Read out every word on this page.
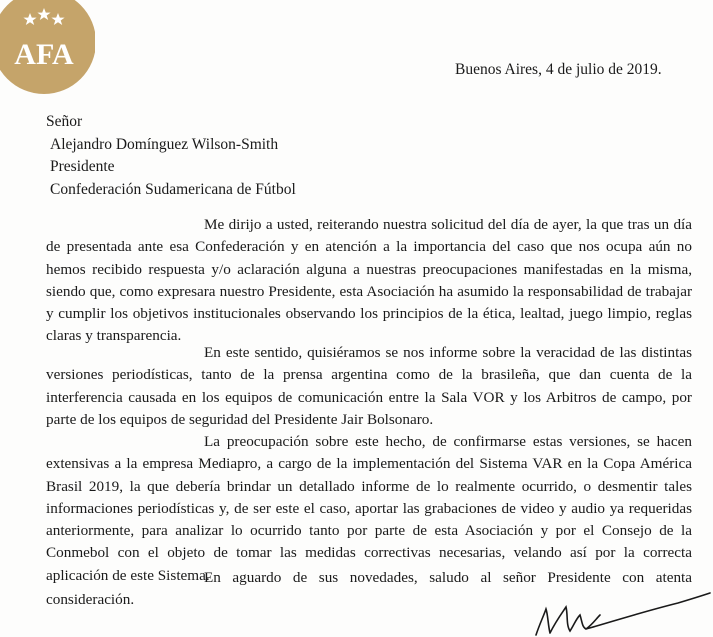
AFA	Buenos Aires, 4 de julio de 2019.
Señor
Alejandro Domínguez Wilson-Smith
Presidente
Confederación Sudamericana de Fútbol

Me dirijo a usted, reiterando nuestra solicitud del día de ayer, la que tras un día de presentada ante esa Confederación y en atención a la importancia del caso que nos ocupa aún no hemos recibido respuesta y/o aclaración alguna a nuestras preocupaciones manifestadas en la misma, siendo que, como expresara nuestro Presidente, esta Asociación ha asumido la responsabilidad de trabajar y cumplir los objetivos institucionales observando los principios de la ética, lealtad, juego limpio, reglas claras y transparencia.

En este sentido, quisiéramos se nos informe sobre la veracidad de las distintas versiones periodísticas, tanto de la prensa argentina como de la brasileña, que dan cuenta de la interferencia causada en los equipos de comunicación entre la Sala VOR y los Arbitros de campo, por parte de los equipos de seguridad del Presidente Jair Bolsonaro.

La preocupación sobre este hecho, de confirmarse estas versiones, se hacen extensivas a la empresa Mediapro, a cargo de la implementación del Sistema VAR en la Copa América Brasil 2019, la que debería brindar un detallado informe de lo realmente ocurrido, o desmentir tales informaciones periodísticas y, de ser este el caso, aportar las grabaciones de video y audio ya requeridas anteriormente, para analizar lo ocurrido tanto por parte de esta Asociación y por el Consejo de la Conmebol con el objeto de tomar las medidas correctivas necesarias, velando así por la correcta aplicación de este Sistema.

En aguardo de sus novedades, saludo al señor Presidente con atenta consideración.
